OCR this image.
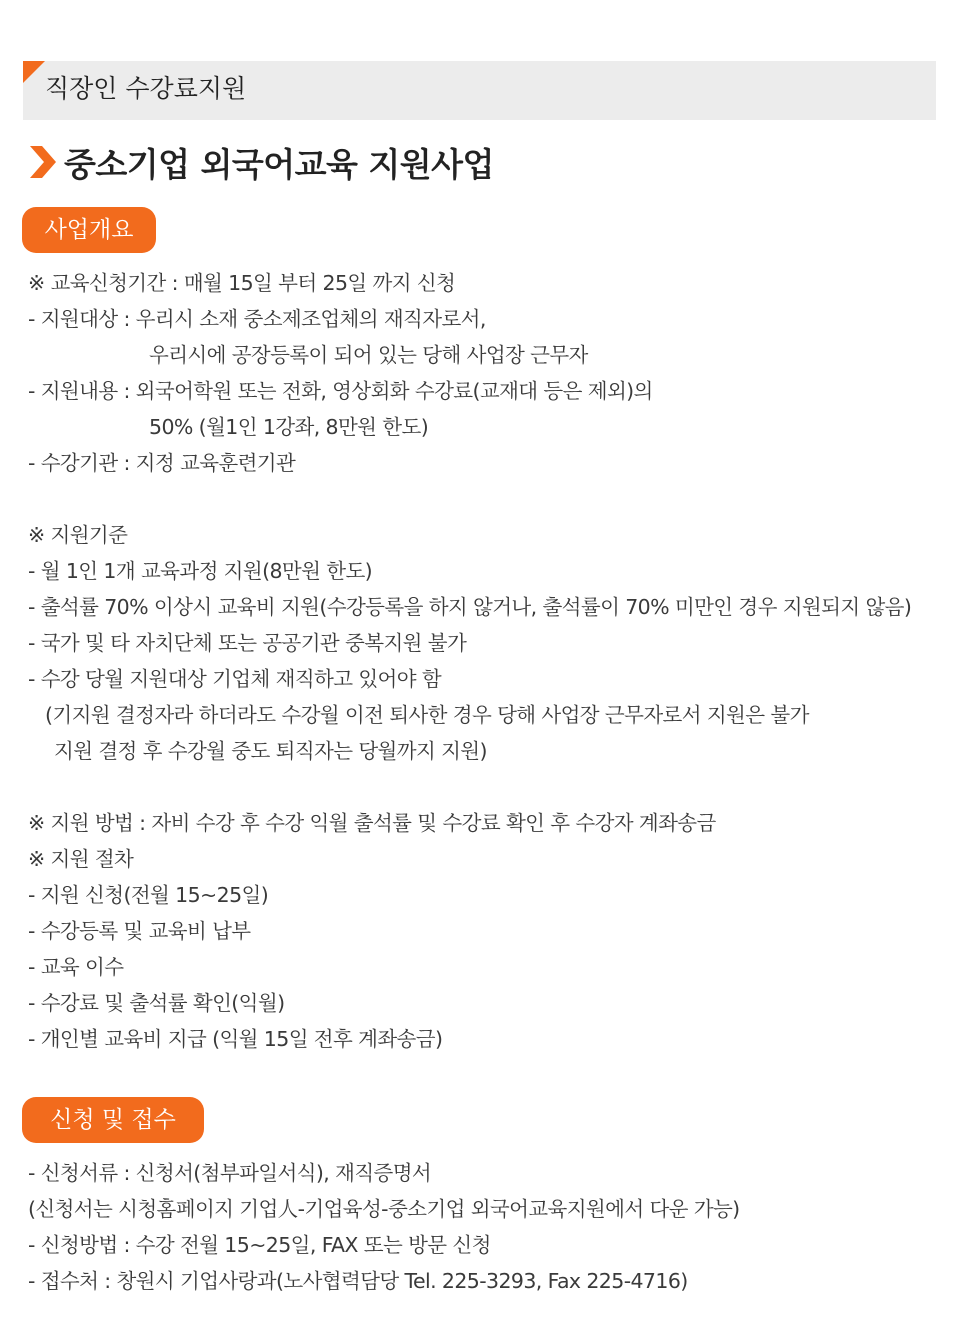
직장인 수강료지원
중소기업 외국어교육 지원사업
사업개요
※ 교육신청기간 : 매월 15일 부터 25일 까지 신청
- 지원대상 : 우리시 소재 중소제조업체의 재직자로서,
우리시에 공장등록이 되어 있는 당해 사업장 근무자
- 지원내용 : 외국어학원 또는 전화, 영상회화 수강료(교재대 등은 제외)의
50% (월1인 1강좌, 8만원 한도)
- 수강기관 : 지정 교육훈련기관
※ 지원기준
- 월 1인 1개 교육과정 지원(8만원 한도)
- 출석률 70% 이상시 교육비 지원(수강등록을 하지 않거나, 출석률이 70% 미만인 경우 지원되지 않음)
- 국가 및 타 자치단체 또는 공공기관 중복지원 불가
- 수강 당월 지원대상 기업체 재직하고 있어야 함
(기지원 결정자라 하더라도 수강월 이전 퇴사한 경우 당해 사업장 근무자로서 지원은 불가
지원 결정 후 수강월 중도 퇴직자는 당월까지 지원)
※ 지원 방법 : 자비 수강 후 수강 익월 출석률 및 수강료 확인 후 수강자 계좌송금
※ 지원 절차
- 지원 신청(전월 15~25일)
- 수강등록 및 교육비 납부
- 교육 이수
- 수강료 및 출석률 확인(익월)
- 개인별 교육비 지급 (익월 15일 전후 계좌송금)
신청 및 접수
- 신청서류 : 신청서(첨부파일서식), 재직증명서
(신청서는 시청홈페이지 기업人-기업육성-중소기업 외국어교육지원에서 다운 가능)
- 신청방법 : 수강 전월 15~25일, FAX 또는 방문 신청
- 접수처 : 창원시 기업사랑과(노사협력담당 Tel. 225-3293, Fax 225-4716)
